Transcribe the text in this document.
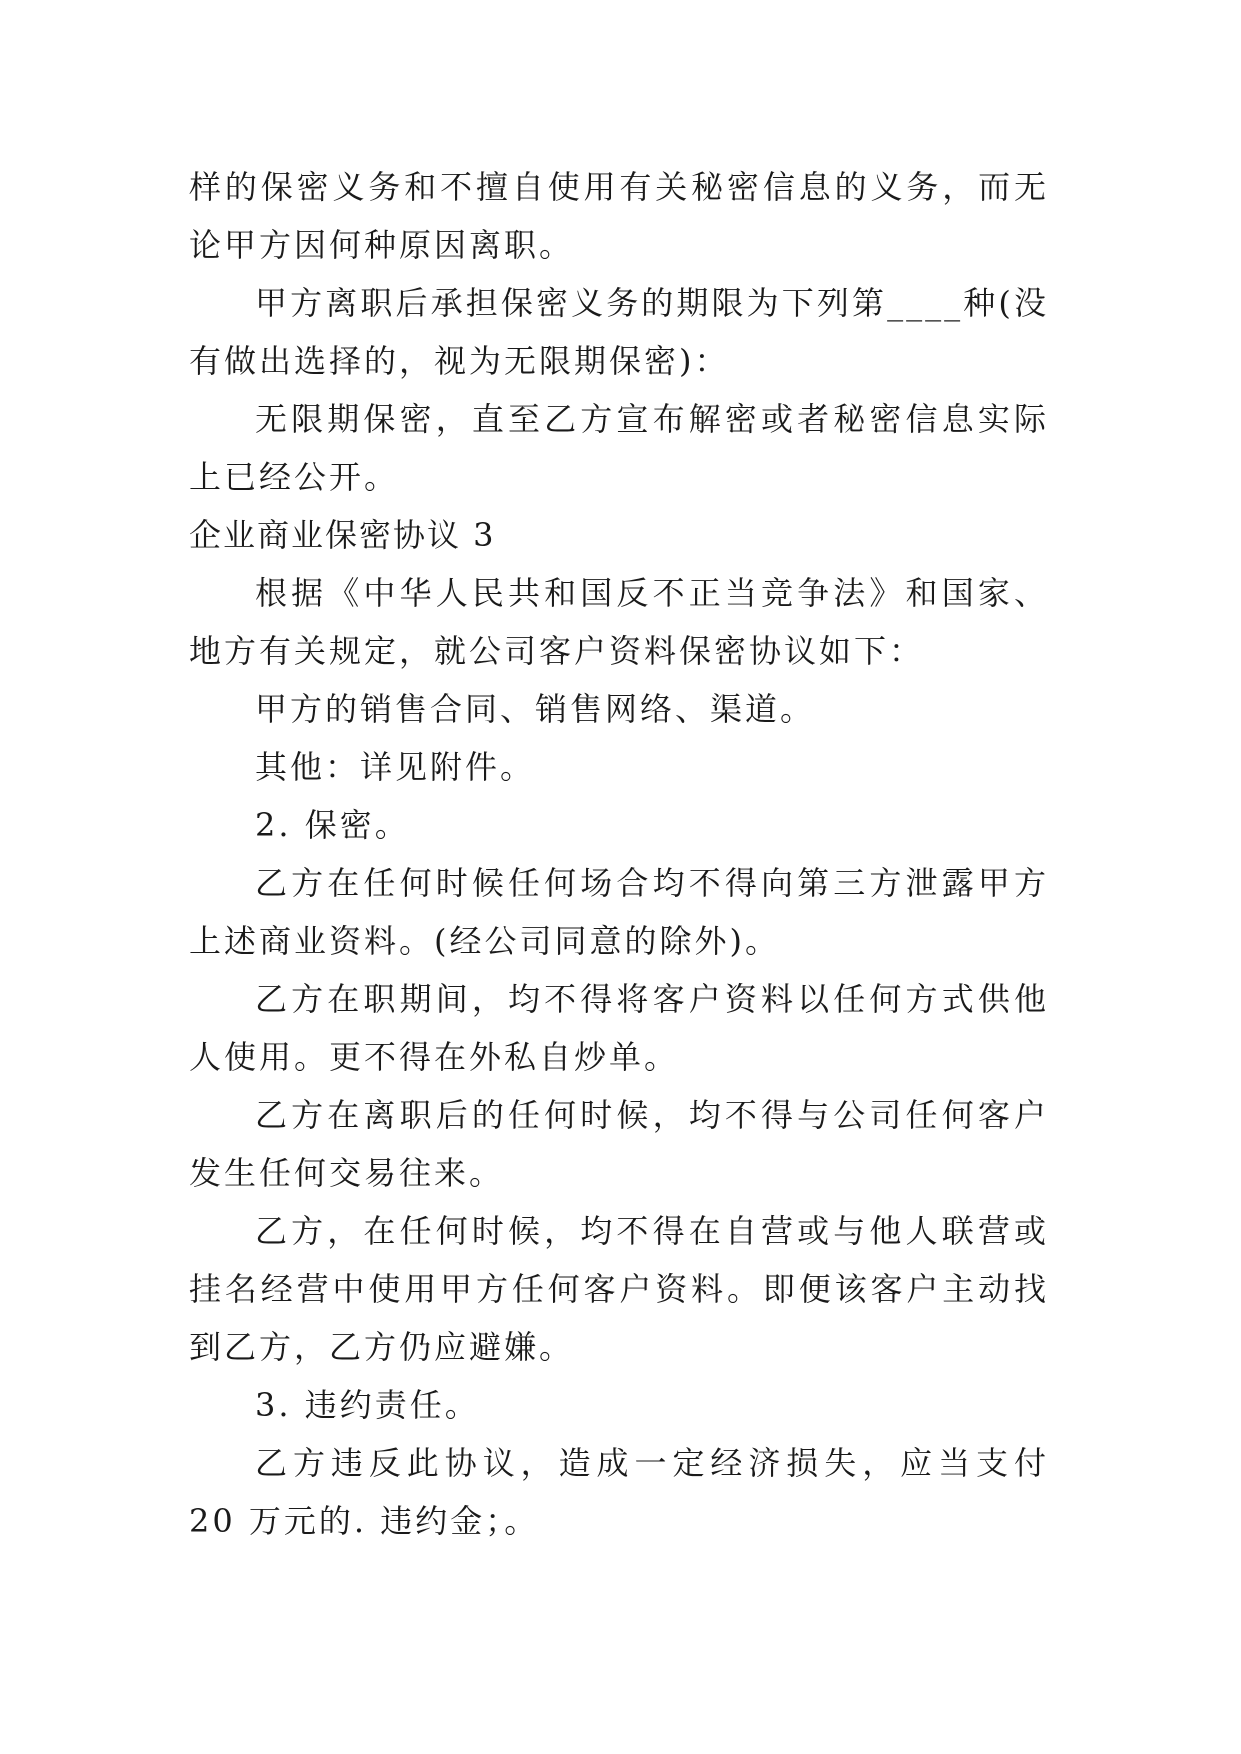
样的保密义务和不擅自使用有关秘密信息的义务，而无论甲方因何种原因离职。

甲方离职后承担保密义务的期限为下列第____种(没有做出选择的，视为无限期保密)：

无限期保密，直至乙方宣布解密或者秘密信息实际上已经公开。

企业商业保密协议 3

根据《中华人民共和国反不正当竞争法》和国家、地方有关规定，就公司客户资料保密协议如下：

甲方的销售合同、销售网络、渠道。

其他：详见附件。

2. 保密。

乙方在任何时候任何场合均不得向第三方泄露甲方上述商业资料。(经公司同意的除外)。

乙方在职期间，均不得将客户资料以任何方式供他人使用。更不得在外私自炒单。

乙方在离职后的任何时候，均不得与公司任何客户发生任何交易往来。

乙方，在任何时候，均不得在自营或与他人联营或挂名经营中使用甲方任何客户资料。即便该客户主动找到乙方，乙方仍应避嫌。

3. 违约责任。

乙方违反此协议，造成一定经济损失，应当支付 20 万元的. 违约金；。
